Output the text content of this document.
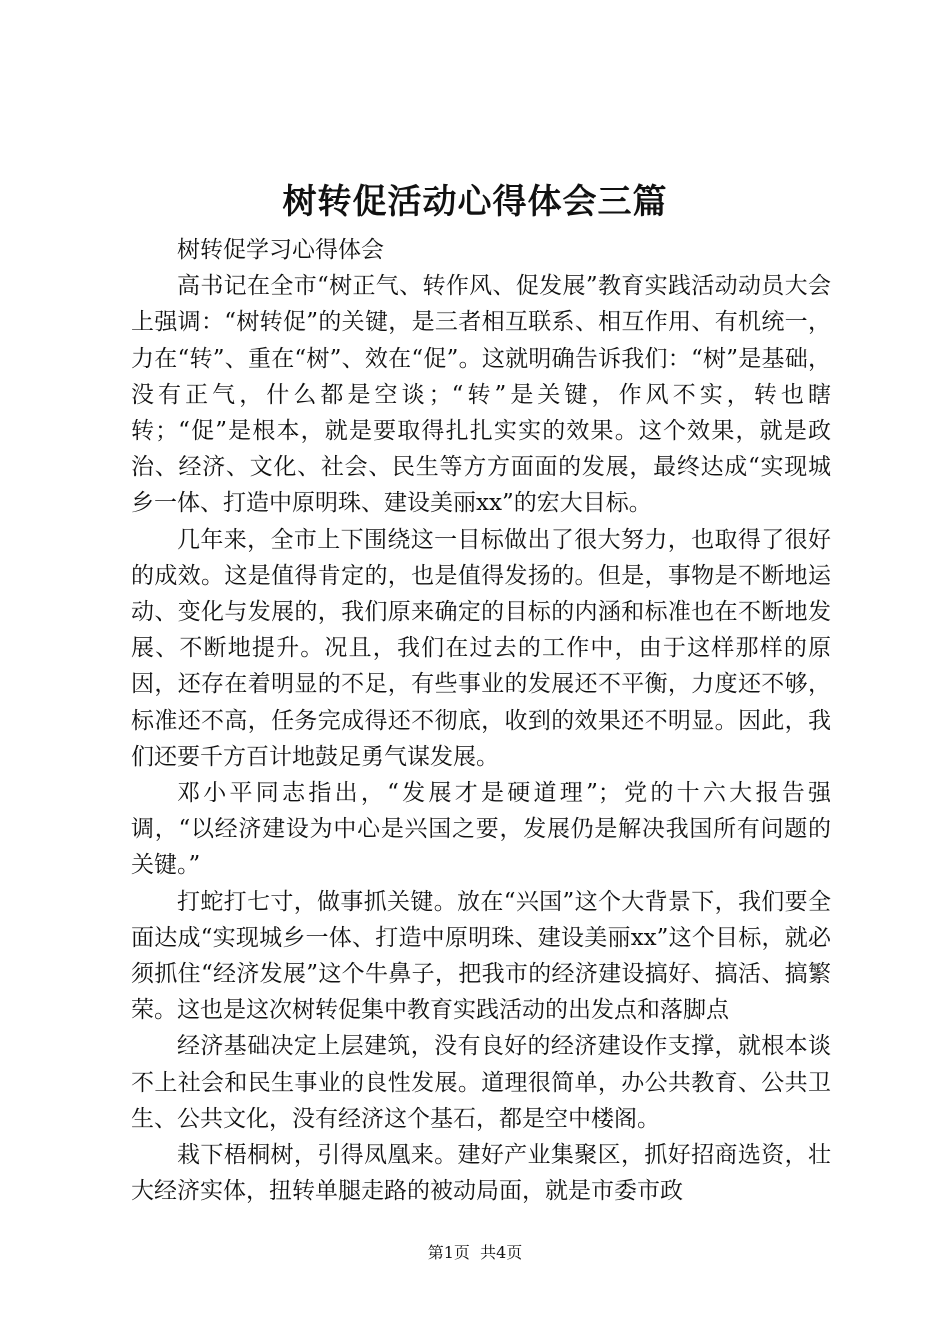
树转促活动心得体会三篇

树转促学习心得体会

高书记在全市“树正气、转作风、促发展”教育实践活动动员大会上强调：“树转促”的关键，是三者相互联系、相互作用、有机统一，力在“转”、重在“树”、效在“促”。这就明确告诉我们：“树”是基础，没有正气，什么都是空谈；“转”是关键，作风不实，转也瞎转；“促”是根本，就是要取得扎扎实实的效果。这个效果，就是政治、经济、文化、社会、民生等方方面面的发展，最终达成“实现城乡一体、打造中原明珠、建设美丽xx”的宏大目标。

几年来，全市上下围绕这一目标做出了很大努力，也取得了很好的成效。这是值得肯定的，也是值得发扬的。但是，事物是不断地运动、变化与发展的，我们原来确定的目标的内涵和标准也在不断地发展、不断地提升。况且，我们在过去的工作中，由于这样那样的原因，还存在着明显的不足，有些事业的发展还不平衡，力度还不够，标准还不高，任务完成得还不彻底，收到的效果还不明显。因此，我们还要千方百计地鼓足勇气谋发展。

邓小平同志指出，“发展才是硬道理”；党的十六大报告强调，“以经济建设为中心是兴国之要，发展仍是解决我国所有问题的关键。”

打蛇打七寸，做事抓关键。放在“兴国”这个大背景下，我们要全面达成“实现城乡一体、打造中原明珠、建设美丽xx”这个目标，就必须抓住“经济发展”这个牛鼻子，把我市的经济建设搞好、搞活、搞繁荣。这也是这次树转促集中教育实践活动的出发点和落脚点

经济基础决定上层建筑，没有良好的经济建设作支撑，就根本谈不上社会和民生事业的良性发展。道理很简单，办公共教育、公共卫生、公共文化，没有经济这个基石，都是空中楼阁。

栽下梧桐树，引得凤凰来。建好产业集聚区，抓好招商选资，壮大经济实体，扭转单腿走路的被动局面，就是市委市政

第1页 共4页
